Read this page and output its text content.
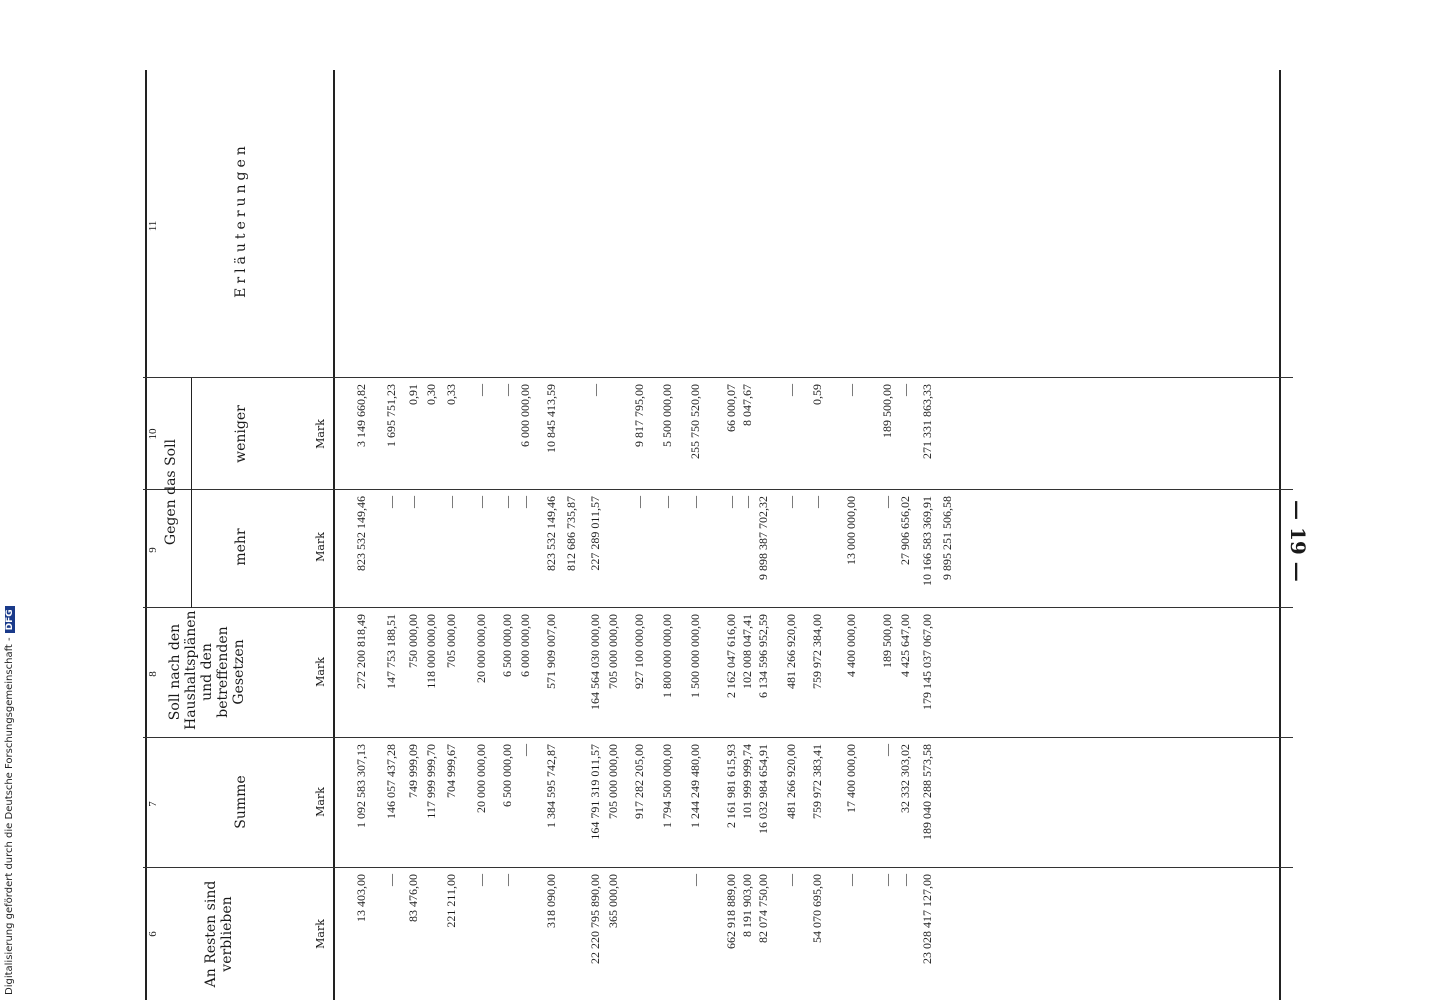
— 19 —
Digitalisierung gefördert durch die Deutsche Forschungsgemeinschaft -DFG
6
7
8
9
10
11
An Resten sind verblieben
Summe
Soll nach den Haushaltsplänen und den betreffenden Gesetzen
Gegen das Soll
mehr
weniger
Erläuterungen
Mark
Mark
Mark
Mark
Mark
13 403,00
1 092 583 307,13
272 200 818,49
823 532 149,46
3 149 660,82
—
146 057 437,28
147 753 188,51
—
1 695 751,23
83 476,00
749 999,09
750 000,00
—
0,91
117 999 999,70
118 000 000,00
0,30
221 211,00
704 999,67
705 000,00
—
0,33
—
20 000 000,00
20 000 000,00
—
—
—
6 500 000,00
6 500 000,00
—
—
—
6 000 000,00
—
6 000 000,00
318 090,00
1 384 595 742,87
571 909 007,00
823 532 149,46
10 845 413,59
812 686 735,87
22 220 795 890,00
164 791 319 011,57
164 564 030 000,00
227 289 011,57
—
365 000,00
705 000 000,00
705 000 000,00
917 282 205,00
927 100 000,00
—
9 817 795,00
1 794 500 000,00
1 800 000 000,00
—
5 500 000,00
—
1 244 249 480,00
1 500 000 000,00
—
255 750 520,00
662 918 889,00
2 161 981 615,93
2 162 047 616,00
—
66 000,07
8 191 903,00
101 999 999,74
102 008 047,41
—
8 047,67
82 074 750,00
16 032 984 654,91
6 134 596 952,59
9 898 387 702,32
—
481 266 920,00
481 266 920,00
—
—
54 070 695,00
759 972 383,41
759 972 384,00
—
0,59
—
17 400 000,00
4 400 000,00
13 000 000,00
—
—
—
189 500,00
—
189 500,00
—
32 332 303,02
4 425 647,00
27 906 656,02
—
23 028 417 127,00
189 040 288 573,58
179 145 037 067,00
10 166 583 369,91
271 331 863,33
9 895 251 506,58
